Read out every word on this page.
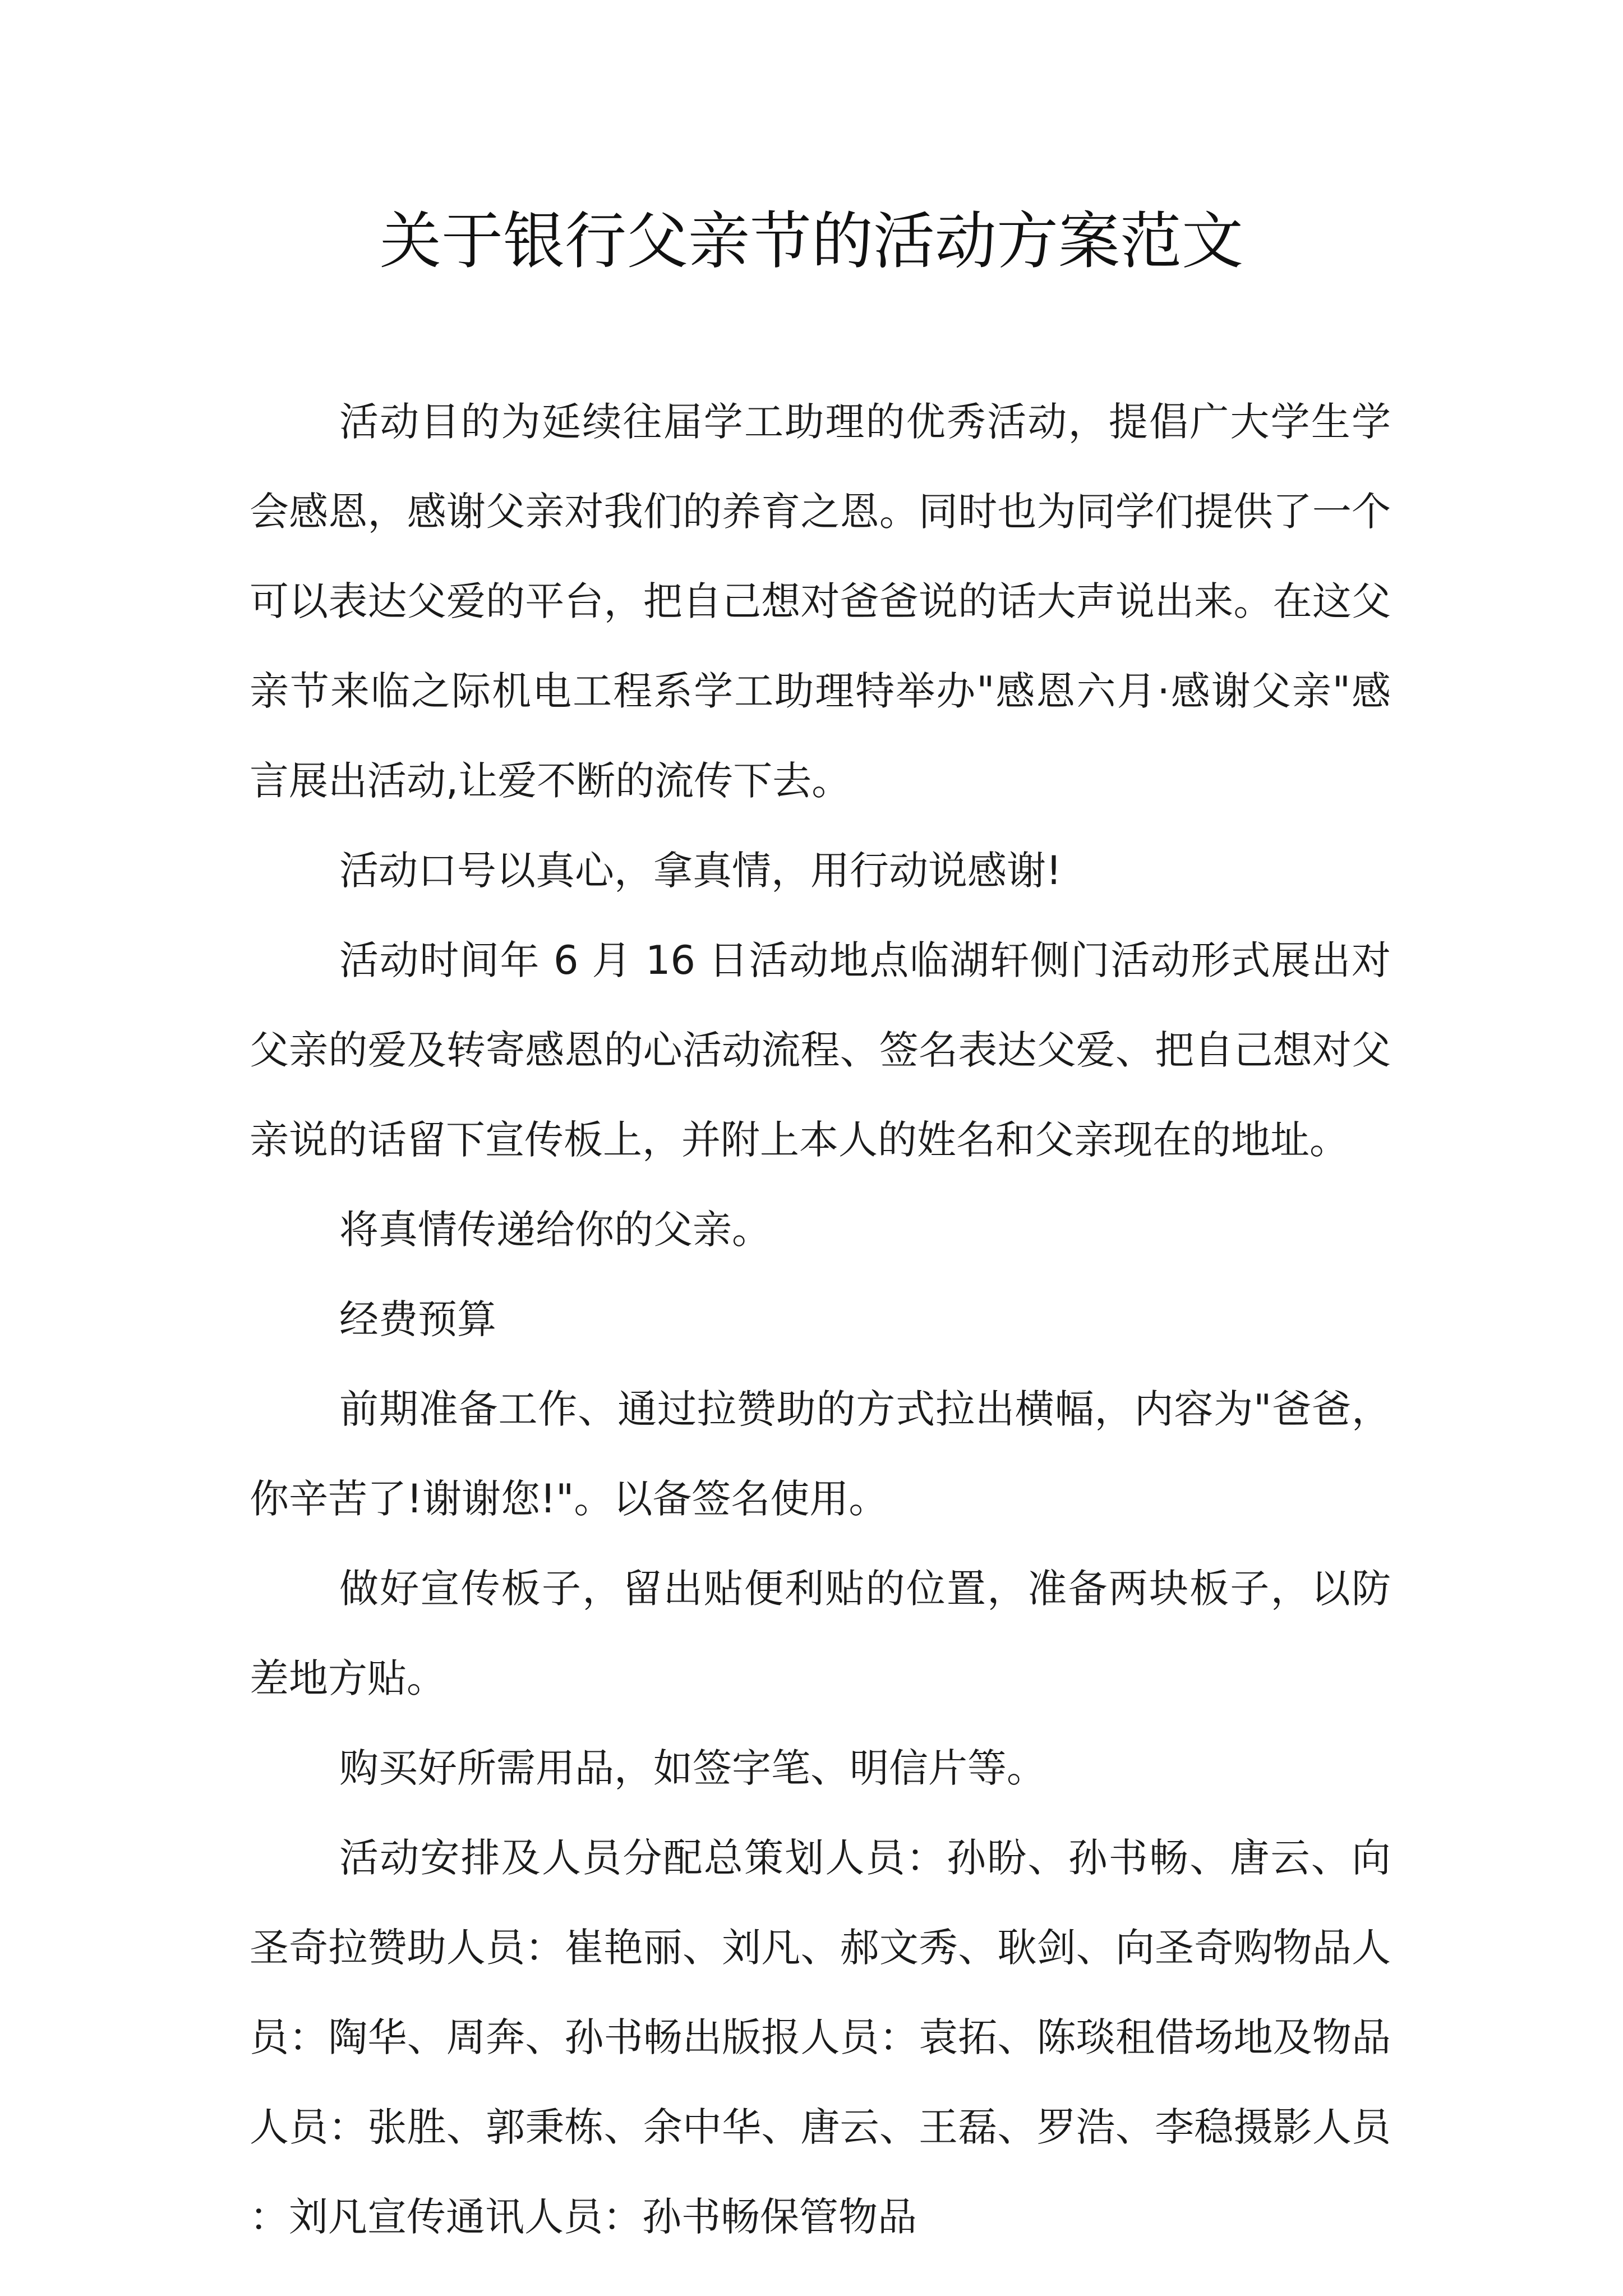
关于银行父亲节的活动方案范文

活动目的为延续往届学工助理的优秀活动，提倡广大学生学会感恩，感谢父亲对我们的养育之恩。同时也为同学们提供了一个可以表达父爱的平台，把自己想对爸爸说的话大声说出来。在这父亲节来临之际机电工程系学工助理特举办"感恩六月·感谢父亲"感言展出活动,让爱不断的流传下去。

活动口号以真心，拿真情，用行动说感谢!

活动时间年 6 月 16 日活动地点临湖轩侧门活动形式展出对父亲的爱及转寄感恩的心活动流程、签名表达父爱、把自己想对父亲说的话留下宣传板上，并附上本人的姓名和父亲现在的地址。

将真情传递给你的父亲。

经费预算

前期准备工作、通过拉赞助的方式拉出横幅，内容为"爸爸，你辛苦了!谢谢您!"。以备签名使用。

做好宣传板子，留出贴便利贴的位置，准备两块板子，以防差地方贴。

购买好所需用品，如签字笔、明信片等。

活动安排及人员分配总策划人员：孙盼、孙书畅、唐云、向圣奇拉赞助人员：崔艳丽、刘凡、郝文秀、耿剑、向圣奇购物品人员：陶华、周奔、孙书畅出版报人员：袁拓、陈琰租借场地及物品人员：张胜、郭秉栋、余中华、唐云、王磊、罗浩、李稳摄影人员：刘凡宣传通讯人员：孙书畅保管物品
